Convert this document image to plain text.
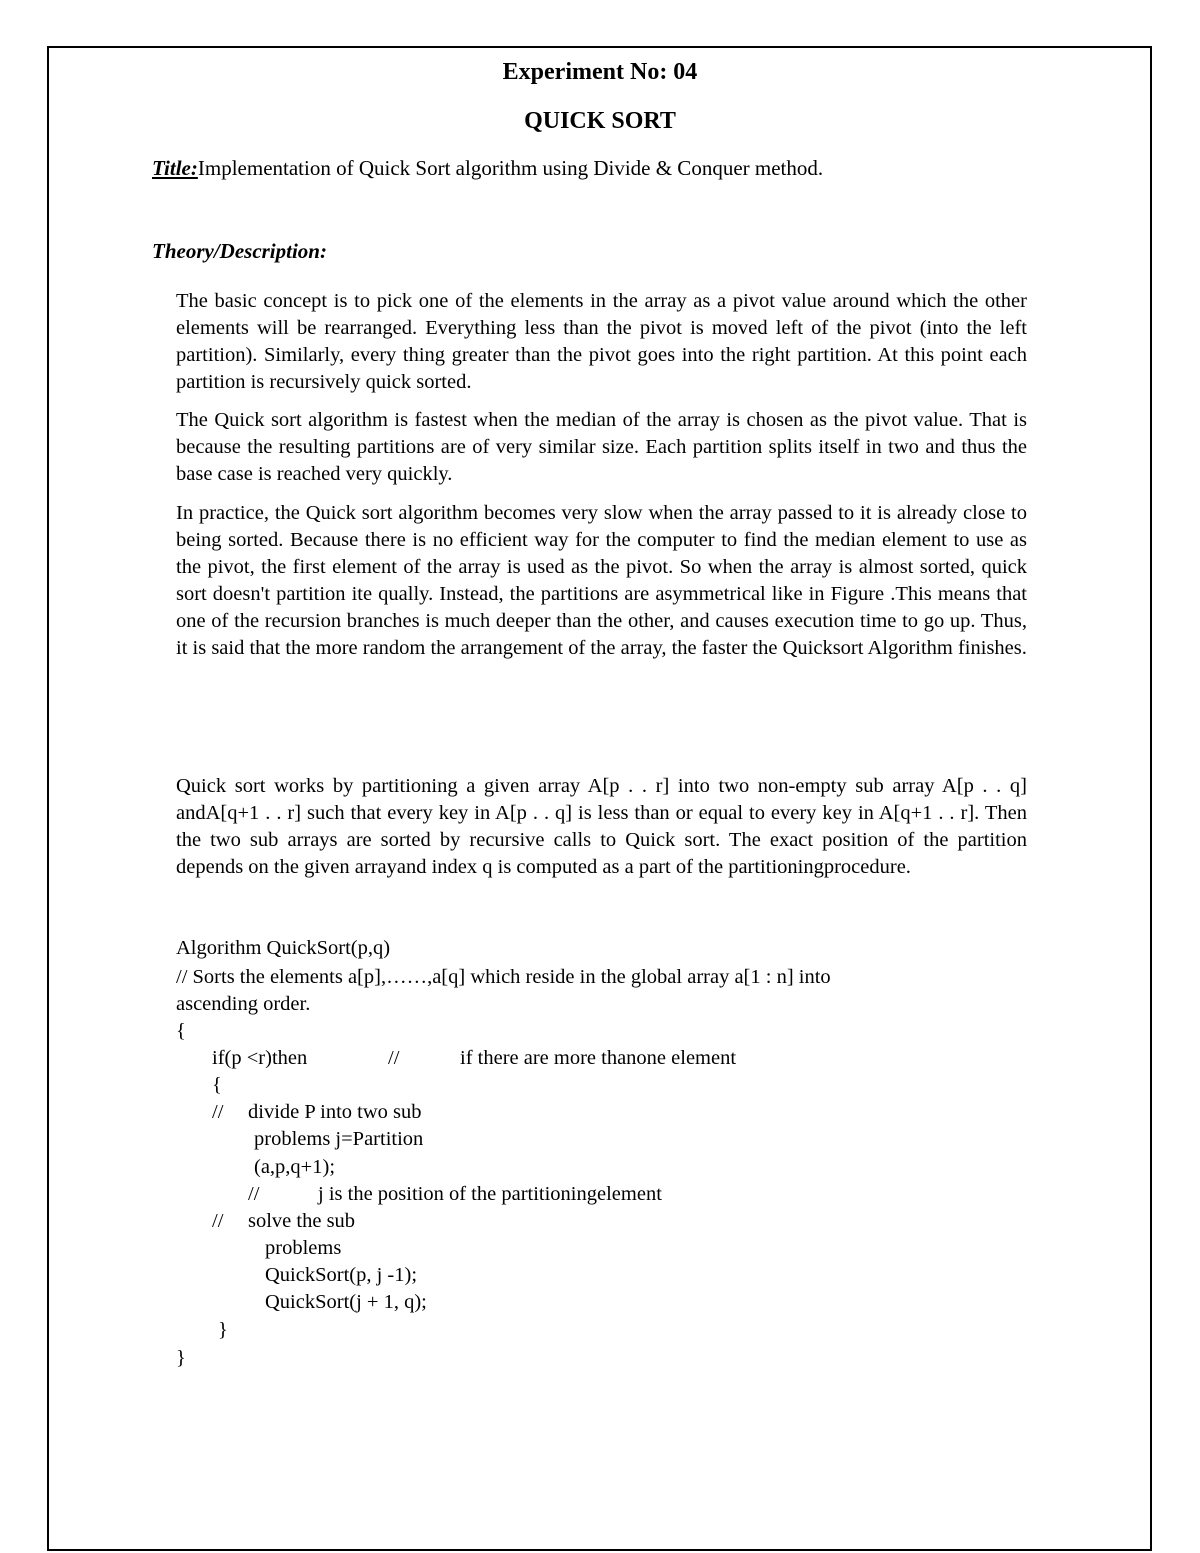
Experiment No: 04
QUICK SORT
Title:Implementation of Quick Sort algorithm using Divide & Conquer method.
Theory/Description:

The basic concept is to pick one of the elements in the array as a pivot value around which the other elements will be rearranged. Everything less than the pivot is moved left of the pivot (into the left partition). Similarly, every thing greater than the pivot goes into the right partition. At this point each partition is recursively quick sorted.

The Quick sort algorithm is fastest when the median of the array is chosen as the pivot value. That is because the resulting partitions are of very similar size. Each partition splits itself in two and thus the base case is reached very quickly.

In practice, the Quick sort algorithm becomes very slow when the array passed to it is already close to being sorted. Because there is no efficient way for the computer to find the median element to use as the pivot, the first element of the array is used as the pivot. So when the array is almost sorted, quick sort doesn't partition ite qually. Instead, the partitions are asymmetrical like in Figure .This means that one of the recursion branches is much deeper than the other, and causes execution time to go up. Thus, it is said that the more random the arrangement of the array, the faster the Quicksort Algorithm finishes.

Quick sort works by partitioning a given array A[p . . r] into two non-empty sub array A[p . . q] andA[q+1 . . r] such that every key in A[p . . q] is less than or equal to every key in A[q+1 . . r]. Then the two sub arrays are sorted by recursive calls to Quick sort. The exact position of the partition depends on the given arrayand index q is computed as a part of the partitioningprocedure.

Algorithm QuickSort(p,q)
// Sorts the elements a[p],……,a[q] which reside in the global array a[1 : n] into
ascending order.
{
if(p <r)then	//	if there are more thanone element
{
// divide P into two sub
problems j=Partition
(a,p,q+1);
//	j is the position of the partitioningelement
// solve the sub
problems
QuickSort(p, j -1);
QuickSort(j + 1, q);
}
}
